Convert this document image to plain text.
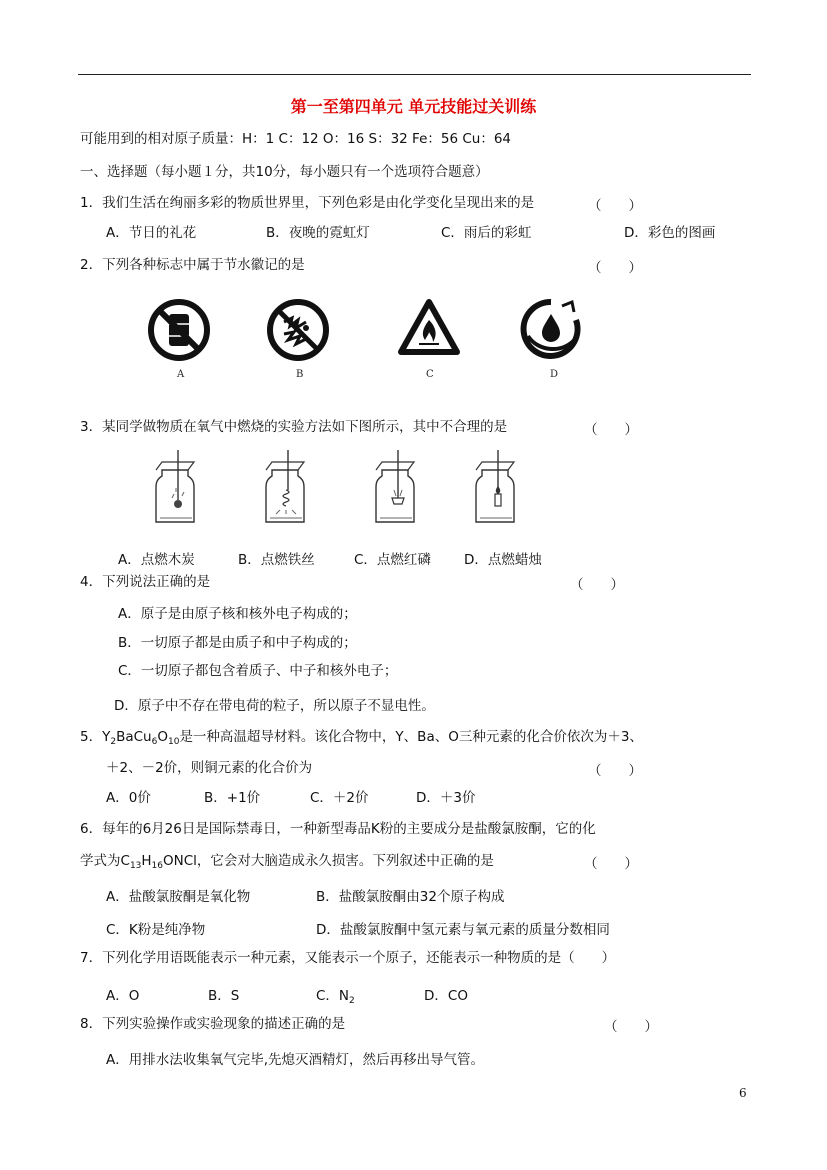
第一至第四单元 单元技能过关训练
可能用到的相对原子质量：H：1 C：12 O：16 S：32 Fe：56 Cu：64
一、选择题（每小题１分，共10分，每小题只有一个选项符合题意）
1．我们生活在绚丽多彩的物质世界里，下列色彩是由化学变化呈现出来的是	（　　）
A．节日的礼花	B．夜晚的霓虹灯	C．雨后的彩虹	D．彩色的图画
2．下列各种标志中属于节水徽记的是	（　　）
A	B	C	D
3．某同学做物质在氧气中燃烧的实验方法如下图所示，其中不合理的是	（　　）
A．点燃木炭	B．点燃铁丝	C．点燃红磷 D．点燃蜡烛
4．下列说法正确的是	（　　）
A．原子是由原子核和核外电子构成的；
B．一切原子都是由质子和中子构成的；
C．一切原子都包含着质子、中子和核外电子；
D．原子中不存在带电荷的粒子，所以原子不显电性。
5．$Y_2BaCu_6O_{10}$是一种高温超导材料。该化合物中，Y、Ba、O三种元素的化合价依次为＋3、
＋2、－2价，则铜元素的化合价为	（　　）
A．0价	B．+1价	C．＋2价	D．＋3价
6．每年的6月26日是国际禁毒日，一种新型毒品K粉的主要成分是盐酸氯胺酮，它的化
学式为$C_{13}H_{16}ONCl$，它会对大脑造成永久损害。下列叙述中正确的是	（　　）
A．盐酸氯胺酮是氧化物	B．盐酸氯胺酮由32个原子构成
C．K粉是纯净物	D．盐酸氯胺酮中氢元素与氧元素的质量分数相同
7．下列化学用语既能表示一种元素，又能表示一个原子，还能表示一种物质的是（　　）
A．O	B．S	C．$N_2$	D．CO
8．下列实验操作或实验现象的描述正确的是	（　　）
A．用排水法收集氧气完毕,先熄灭酒精灯，然后再移出导气管。
6
